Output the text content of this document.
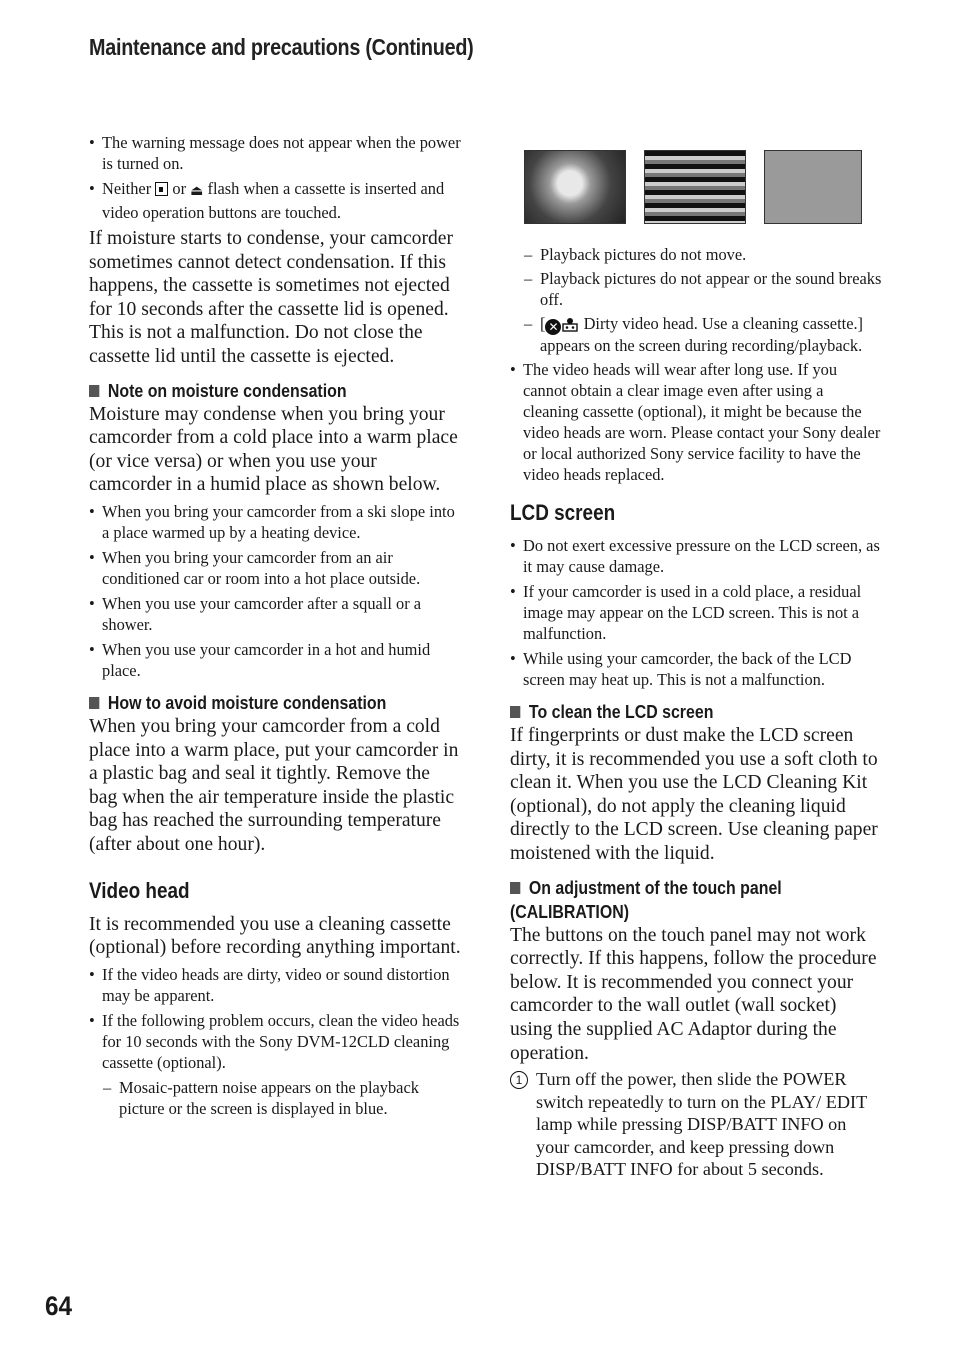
Maintenance and precautions (Continued)
• The warning message does not appear when the power is turned on.
• Neither or ⏏ flash when a cassette is inserted and video operation buttons are touched.

If moisture starts to condense, your camcorder sometimes cannot detect condensation. If this happens, the cassette is sometimes not ejected for 10 seconds after the cassette lid is opened. This is not a malfunction. Do not close the cassette lid until the cassette is ejected.

Note on moisture condensation

Moisture may condense when you bring your camcorder from a cold place into a warm place (or vice versa) or when you use your camcorder in a humid place as shown below.

• When you bring your camcorder from a ski slope into a place warmed up by a heating device.
• When you bring your camcorder from an air conditioned car or room into a hot place outside.
• When you use your camcorder after a squall or a shower.
• When you use your camcorder in a hot and humid place.
How to avoid moisture condensation

When you bring your camcorder from a cold place into a warm place, put your camcorder in a plastic bag and seal it tightly. Remove the bag when the air temperature inside the plastic bag has reached the surrounding temperature (after about one hour).

Video head

It is recommended you use a cleaning cassette (optional) before recording anything important.

• If the video heads are dirty, video or sound distortion may be apparent.
• If the following problem occurs, clean the video heads for 10 seconds with the Sony DVM-12CLD cleaning cassette (optional).
– Mosaic-pattern noise appears on the playback picture or the screen is displayed in blue.
– Playback pictures do not move.
– Playback pictures do not appear or the sound breaks off.
– [ ✕ Dirty video head. Use a cleaning cassette.] appears on the screen during recording/playback.
• The video heads will wear after long use. If you cannot obtain a clear image even after using a cleaning cassette (optional), it might be because the video heads are worn. Please contact your Sony dealer or local authorized Sony service facility to have the video heads replaced.
LCD screen
• Do not exert excessive pressure on the LCD screen, as it may cause damage.
• If your camcorder is used in a cold place, a residual image may appear on the LCD screen. This is not a malfunction.
• While using your camcorder, the back of the LCD screen may heat up. This is not a malfunction.
To clean the LCD screen

If fingerprints or dust make the LCD screen dirty, it is recommended you use a soft cloth to clean it. When you use the LCD Cleaning Kit (optional), do not apply the cleaning liquid directly to the LCD screen. Use cleaning paper moistened with the liquid.

On adjustment of the touch panel
(CALIBRATION)

The buttons on the touch panel may not work correctly. If this happens, follow the procedure below. It is recommended you connect your camcorder to the wall outlet (wall socket) using the supplied AC Adaptor during the operation.

1 Turn off the power, then slide the POWER switch repeatedly to turn on the PLAY/ EDIT lamp while pressing DISP/BATT INFO on your camcorder, and keep pressing down DISP/BATT INFO for about 5 seconds.
64
